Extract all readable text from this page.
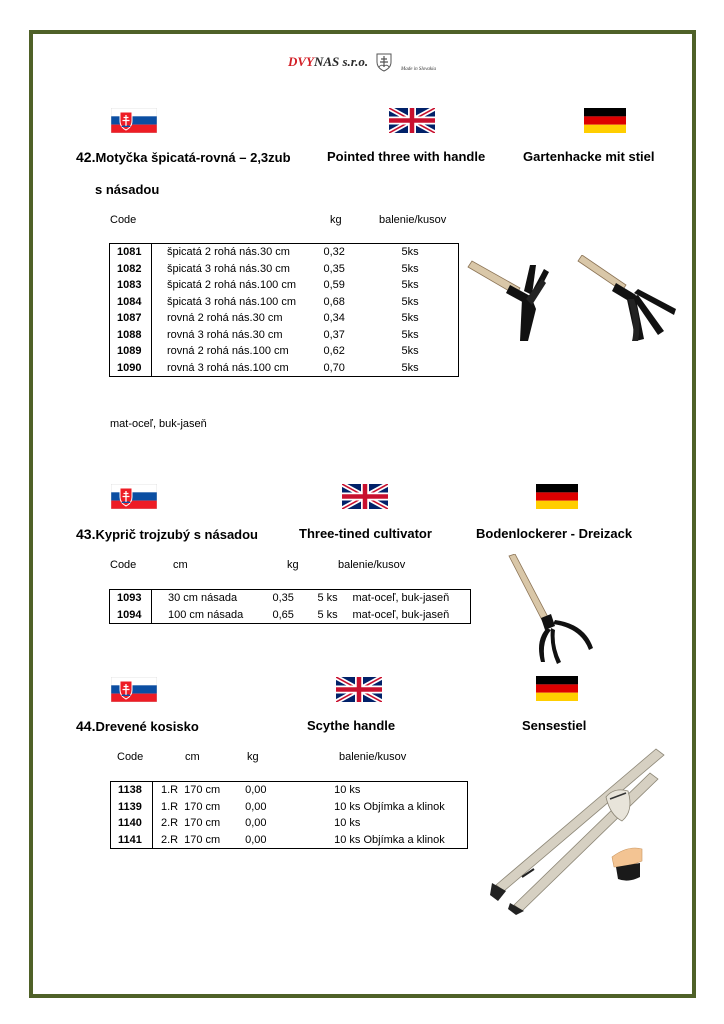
DVYNAS s.r.o.  Made in Slovakia
42.Motyčka špicatá-rovná – 2,3zub	Pointed three with handle	Gartenhacke mit stiel
s násadou
Code	kg	balenie/kusov
1081	špicatá 2 rohá nás.30 cm	0,32	5ks
1082	špicatá 3 rohá nás.30 cm	0,35	5ks
1083	špicatá 2 rohá nás.100 cm	0,59	5ks
1084	špicatá 3 rohá nás.100 cm	0,68	5ks
1087	rovná 2 rohá nás.30 cm	0,34	5ks
1088	rovná 3 rohá nás.30 cm	0,37	5ks
1089	rovná 2 rohá nás.100 cm	0,62	5ks
1090	rovná 3 rohá nás.100 cm	0,70	5ks
mat-oceľ, buk-jaseň
43.Kyprič trojzubý s násadou	Three-tined cultivator	Bodenlockerer - Dreizack
Code	cm	kg	balenie/kusov
1093	30 cm násada	0,35	5 ks	mat-oceľ, buk-jaseň
1094	100 cm násada	0,65	5 ks	mat-oceľ, buk-jaseň
44.Drevené kosisko	Scythe handle	Sensestiel
Code	cm	kg	balenie/kusov
1138	1.R	170 cm	0,00	10 ks
1139	1.R	170 cm	0,00	10 ks Objímka a klinok
1140	2.R	170 cm	0,00	10 ks
1141	2.R	170 cm	0,00	10 ks Objímka a klinok
